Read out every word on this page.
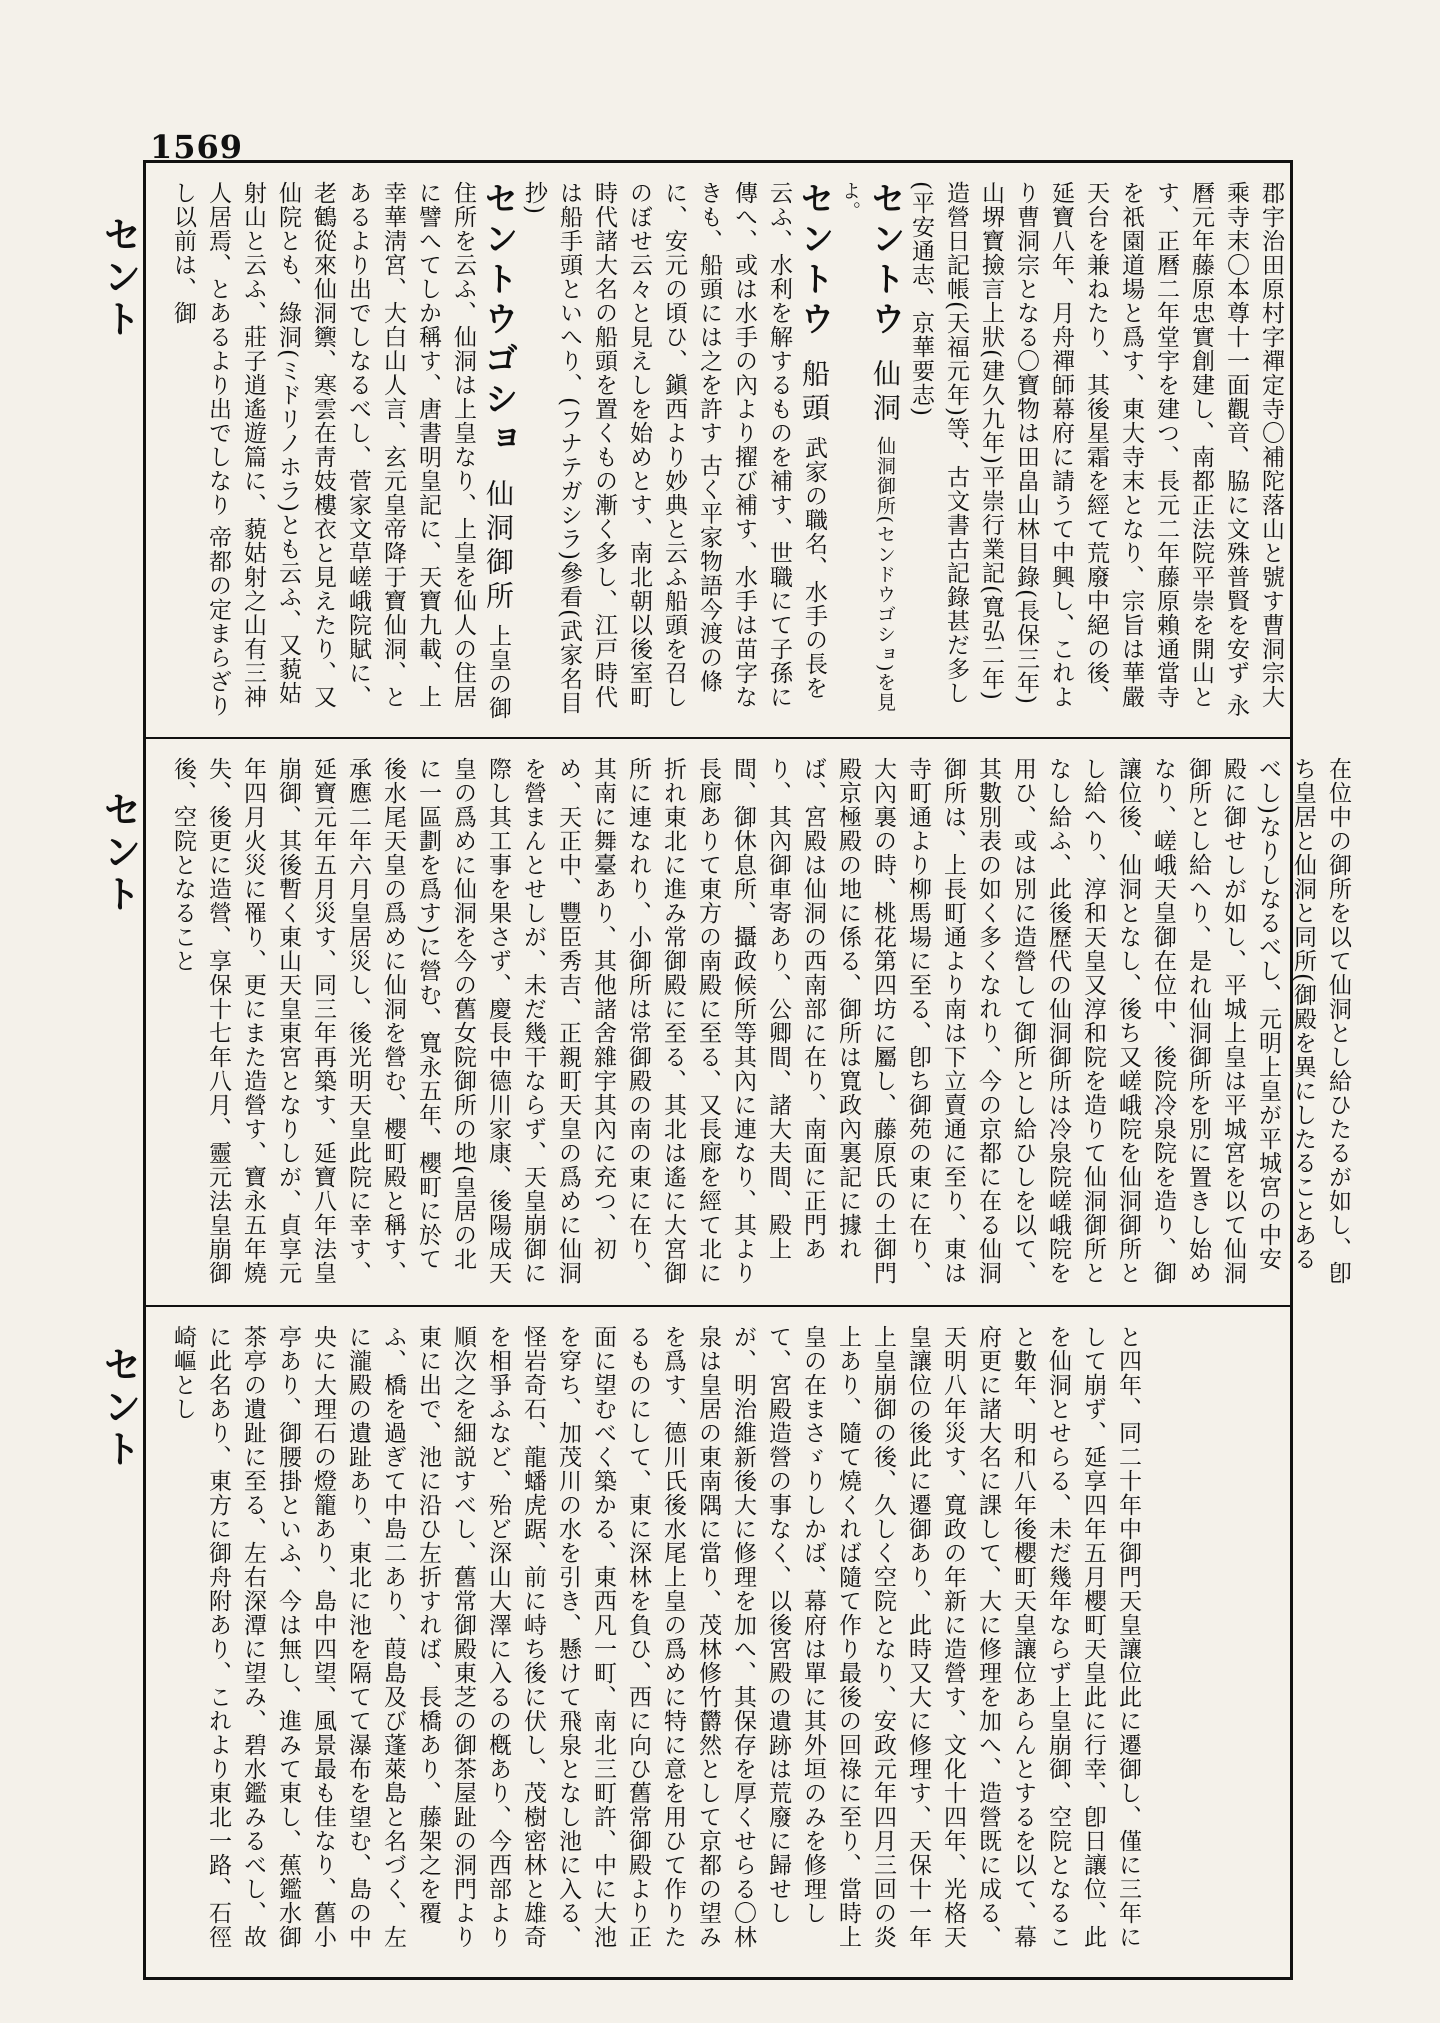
1569
セント
セント
セント

郡宇治田原村字禪定寺〇補陀落山と號す曹洞宗大乘寺末〇本尊十一面觀音、脇に文殊普賢を安ず 永曆元年藤原忠實創建し、南都正法院平崇を開山とす、正曆二年堂宇を建つ、長元二年藤原賴通當寺を祇園道場と爲す、東大寺末となり、宗旨は華嚴天台を兼ねたり、其後星霜を經て荒廢中絕の後、延寶八年、月舟禪師幕府に請うて中興し、これより曹洞宗となる〇寶物は田畠山林目錄(長保三年)山堺寶撿言上狀(建久九年)平崇行業記(寬弘二年)造營日記帳(天福元年)等、古文書古記錄甚だ多し(平安通志、京華要志)

セントウ 仙洞 仙洞御所(センドウゴショ)を見よ。

セントウ 船頭 武家の職名、水手の長を云ふ、水利を解するものを補す、世職にて子孫に傳へ、或は水手の內より擢び補す、水手は苗字なきも、船頭には之を許す 古く平家物語今渡の條に、安元の頃ひ、鎭西より妙典と云ふ船頭を召しのぼせ云々と見えしを始めとす、南北朝以後室町時代諸大名の船頭を置くもの漸く多し、江戸時代は船手頭といへり、(フナテガシラ)參看(武家名目抄)

セントウゴショ 仙洞御所 上皇の御住所を云ふ、仙洞は上皇なり、上皇を仙人の住居に譬へてしか稱す、唐書明皇記に、天寶九載、上幸華淸宮、大白山人言、玄元皇帝降于寶仙洞、とあるより出でしなるべし、菅家文草嵯峨院賦に、老鶴從來仙洞籞、寒雲在靑妓樓衣と見えたり、又仙院とも、綠洞(ミドリノホラ)とも云ふ、又藐姑射山と云ふ、莊子逍遙遊篇に、藐姑射之山有三神人居焉、とあるより出でしなり 帝都の定まらざりし以前は、御

在位中の御所を以て仙洞とし給ひたるが如し、卽ち皇居と仙洞と同所(御殿を異にしたることあるべし)なりしなるべし、元明上皇が平城宮の中安殿に御せしが如し、平城上皇は平城宮を以て仙洞御所とし給へり、是れ仙洞御所を別に置きし始めなり、嵯峨天皇御在位中、後院冷泉院を造り、御讓位後、仙洞となし、後ち又嵯峨院を仙洞御所とし給へり、淳和天皇又淳和院を造りて仙洞御所となし給ふ、此後歷代の仙洞御所は冷泉院嵯峨院を用ひ、或は別に造營して御所とし給ひしを以て、其數別表の如く多くなれり、今の京都に在る仙洞御所は、上長町通より南は下立賣通に至り、東は寺町通より柳馬場に至る、卽ち御苑の東に在り、大內裏の時、桃花第四坊に屬し、藤原氏の土御門殿京極殿の地に係る、御所は寬政內裏記に據れば、宮殿は仙洞の西南部に在り、南面に正門あり、其內御車寄あり、公卿間、諸大夫間、殿上間、御休息所、攝政候所等其內に連なり、其より長廊ありて東方の南殿に至る、又長廊を經て北に折れ東北に進み常御殿に至る、其北は遙に大宮御所に連なれり、小御所は常御殿の南の東に在り、其南に舞臺あり、其他諸舍雜宇其內に充つ、初め、天正中、豐臣秀吉、正親町天皇の爲めに仙洞を營まんとせしが、未だ幾干ならず、天皇崩御に際し其工事を果さず、慶長中德川家康、後陽成天皇の爲めに仙洞を今の舊女院御所の地(皇居の北に一區劃を爲す)に營む、寬永五年、櫻町に於て後水尾天皇の爲めに仙洞を營む、櫻町殿と稱す、承應二年六月皇居災し、後光明天皇此院に幸す、延寶元年五月災す、同三年再築す、延寶八年法皇崩御、其後暫く東山天皇東宮となりしが、貞享元年四月火災に罹り、更にまた造營す、寶永五年燒失、後更に造營、享保十七年八月、靈元法皇崩御後、空院となること

と四年、同二十年中御門天皇讓位此に遷御し、僅に三年にして崩ず、延享四年五月櫻町天皇此に行幸、卽日讓位、此を仙洞とせらる、未だ幾年ならず上皇崩御、空院となること數年、明和八年後櫻町天皇讓位あらんとするを以て、幕府更に諸大名に課して、大に修理を加へ、造營既に成る、天明八年災す、寬政の年新に造營す、文化十四年、光格天皇讓位の後此に遷御あり、此時又大に修理す、天保十一年上皇崩御の後、久しく空院となり、安政元年四月三回の炎上あり、隨て燒くれば隨て作り最後の回祿に至り、當時上皇の在まさゞりしかば、幕府は單に其外垣のみを修理して、宮殿造營の事なく、以後宮殿の遺跡は荒廢に歸せしが、明治維新後大に修理を加へ、其保存を厚くせらる〇林泉は皇居の東南隅に當り、茂林修竹欝然として京都の望みを爲す、德川氏後水尾上皇の爲めに特に意を用ひて作りたるものにして、東に深林を負ひ、西に向ひ舊常御殿より正面に望むべく築かる、東西凡一町、南北三町許、中に大池を穿ち、加茂川の水を引き、懸けて飛泉となし池に入る、怪岩奇石、龍蟠虎踞、前に峙ち後に伏し、茂樹密林と雄奇を相爭ふなど、殆ど深山大澤に入るの槪あり、今西部より順次之を細説すべし、舊常御殿東芝の御茶屋趾の洞門より東に出で、池に沿ひ左折すれば、長橋あり、藤架之を覆ふ、橋を過ぎて中島二あり、葭島及び蓬萊島と名づく、左に瀧殿の遺趾あり、東北に池を隔てて瀑布を望む、島の中央に大理石の燈籠あり、島中四望、風景最も佳なり、舊小亭あり、御腰掛といふ、今は無し、進みて東し、蕉鑑水御茶亭の遺趾に至る、左右深潭に望み、碧水鑑みるべし、故に此名あり、東方に御舟附あり、これより東北一路、石徑崎嶇とし
